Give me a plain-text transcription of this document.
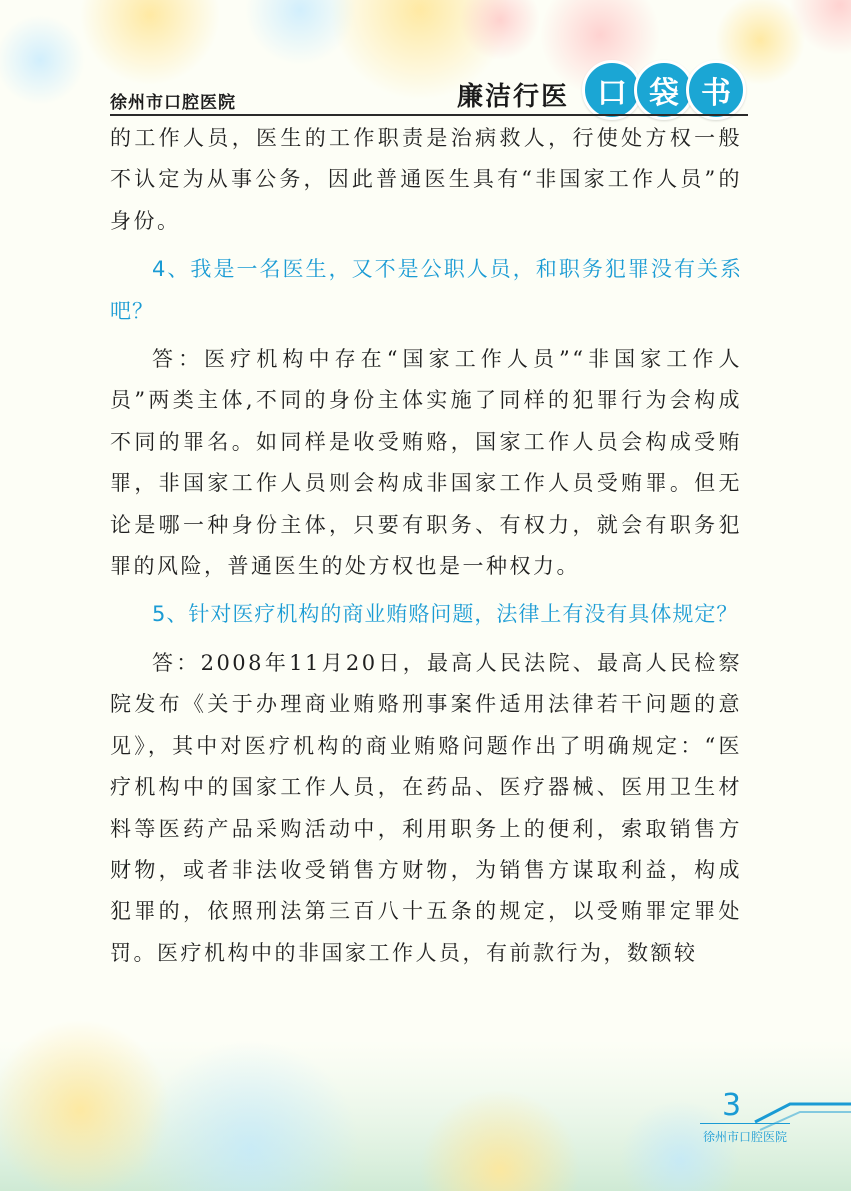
徐州市口腔医院	廉洁行医 口 袋 书

的工作人员，医生的工作职责是治病救人，行使处方权一般不认定为从事公务，因此普通医生具有“非国家工作人员”的身份。

4、我是一名医生，又不是公职人员，和职务犯罪没有关系吧？

答：医疗机构中存在“国家工作人员”“非国家工作人员”两类主体,不同的身份主体实施了同样的犯罪行为会构成不同的罪名。如同样是收受贿赂，国家工作人员会构成受贿罪，非国家工作人员则会构成非国家工作人员受贿罪。但无论是哪一种身份主体，只要有职务、有权力，就会有职务犯罪的风险，普通医生的处方权也是一种权力。

5、针对医疗机构的商业贿赂问题，法律上有没有具体规定？

答：2008年11月20日，最高人民法院、最高人民检察院发布《关于办理商业贿赂刑事案件适用法律若干问题的意见》，其中对医疗机构的商业贿赂问题作出了明确规定：“医疗机构中的国家工作人员，在药品、医疗器械、医用卫生材料等医药产品采购活动中，利用职务上的便利，索取销售方财物，或者非法收受销售方财物，为销售方谋取利益，构成犯罪的，依照刑法第三百八十五条的规定，以受贿罪定罪处罚。医疗机构中的非国家工作人员，有前款行为，数额较

3
徐州市口腔医院
